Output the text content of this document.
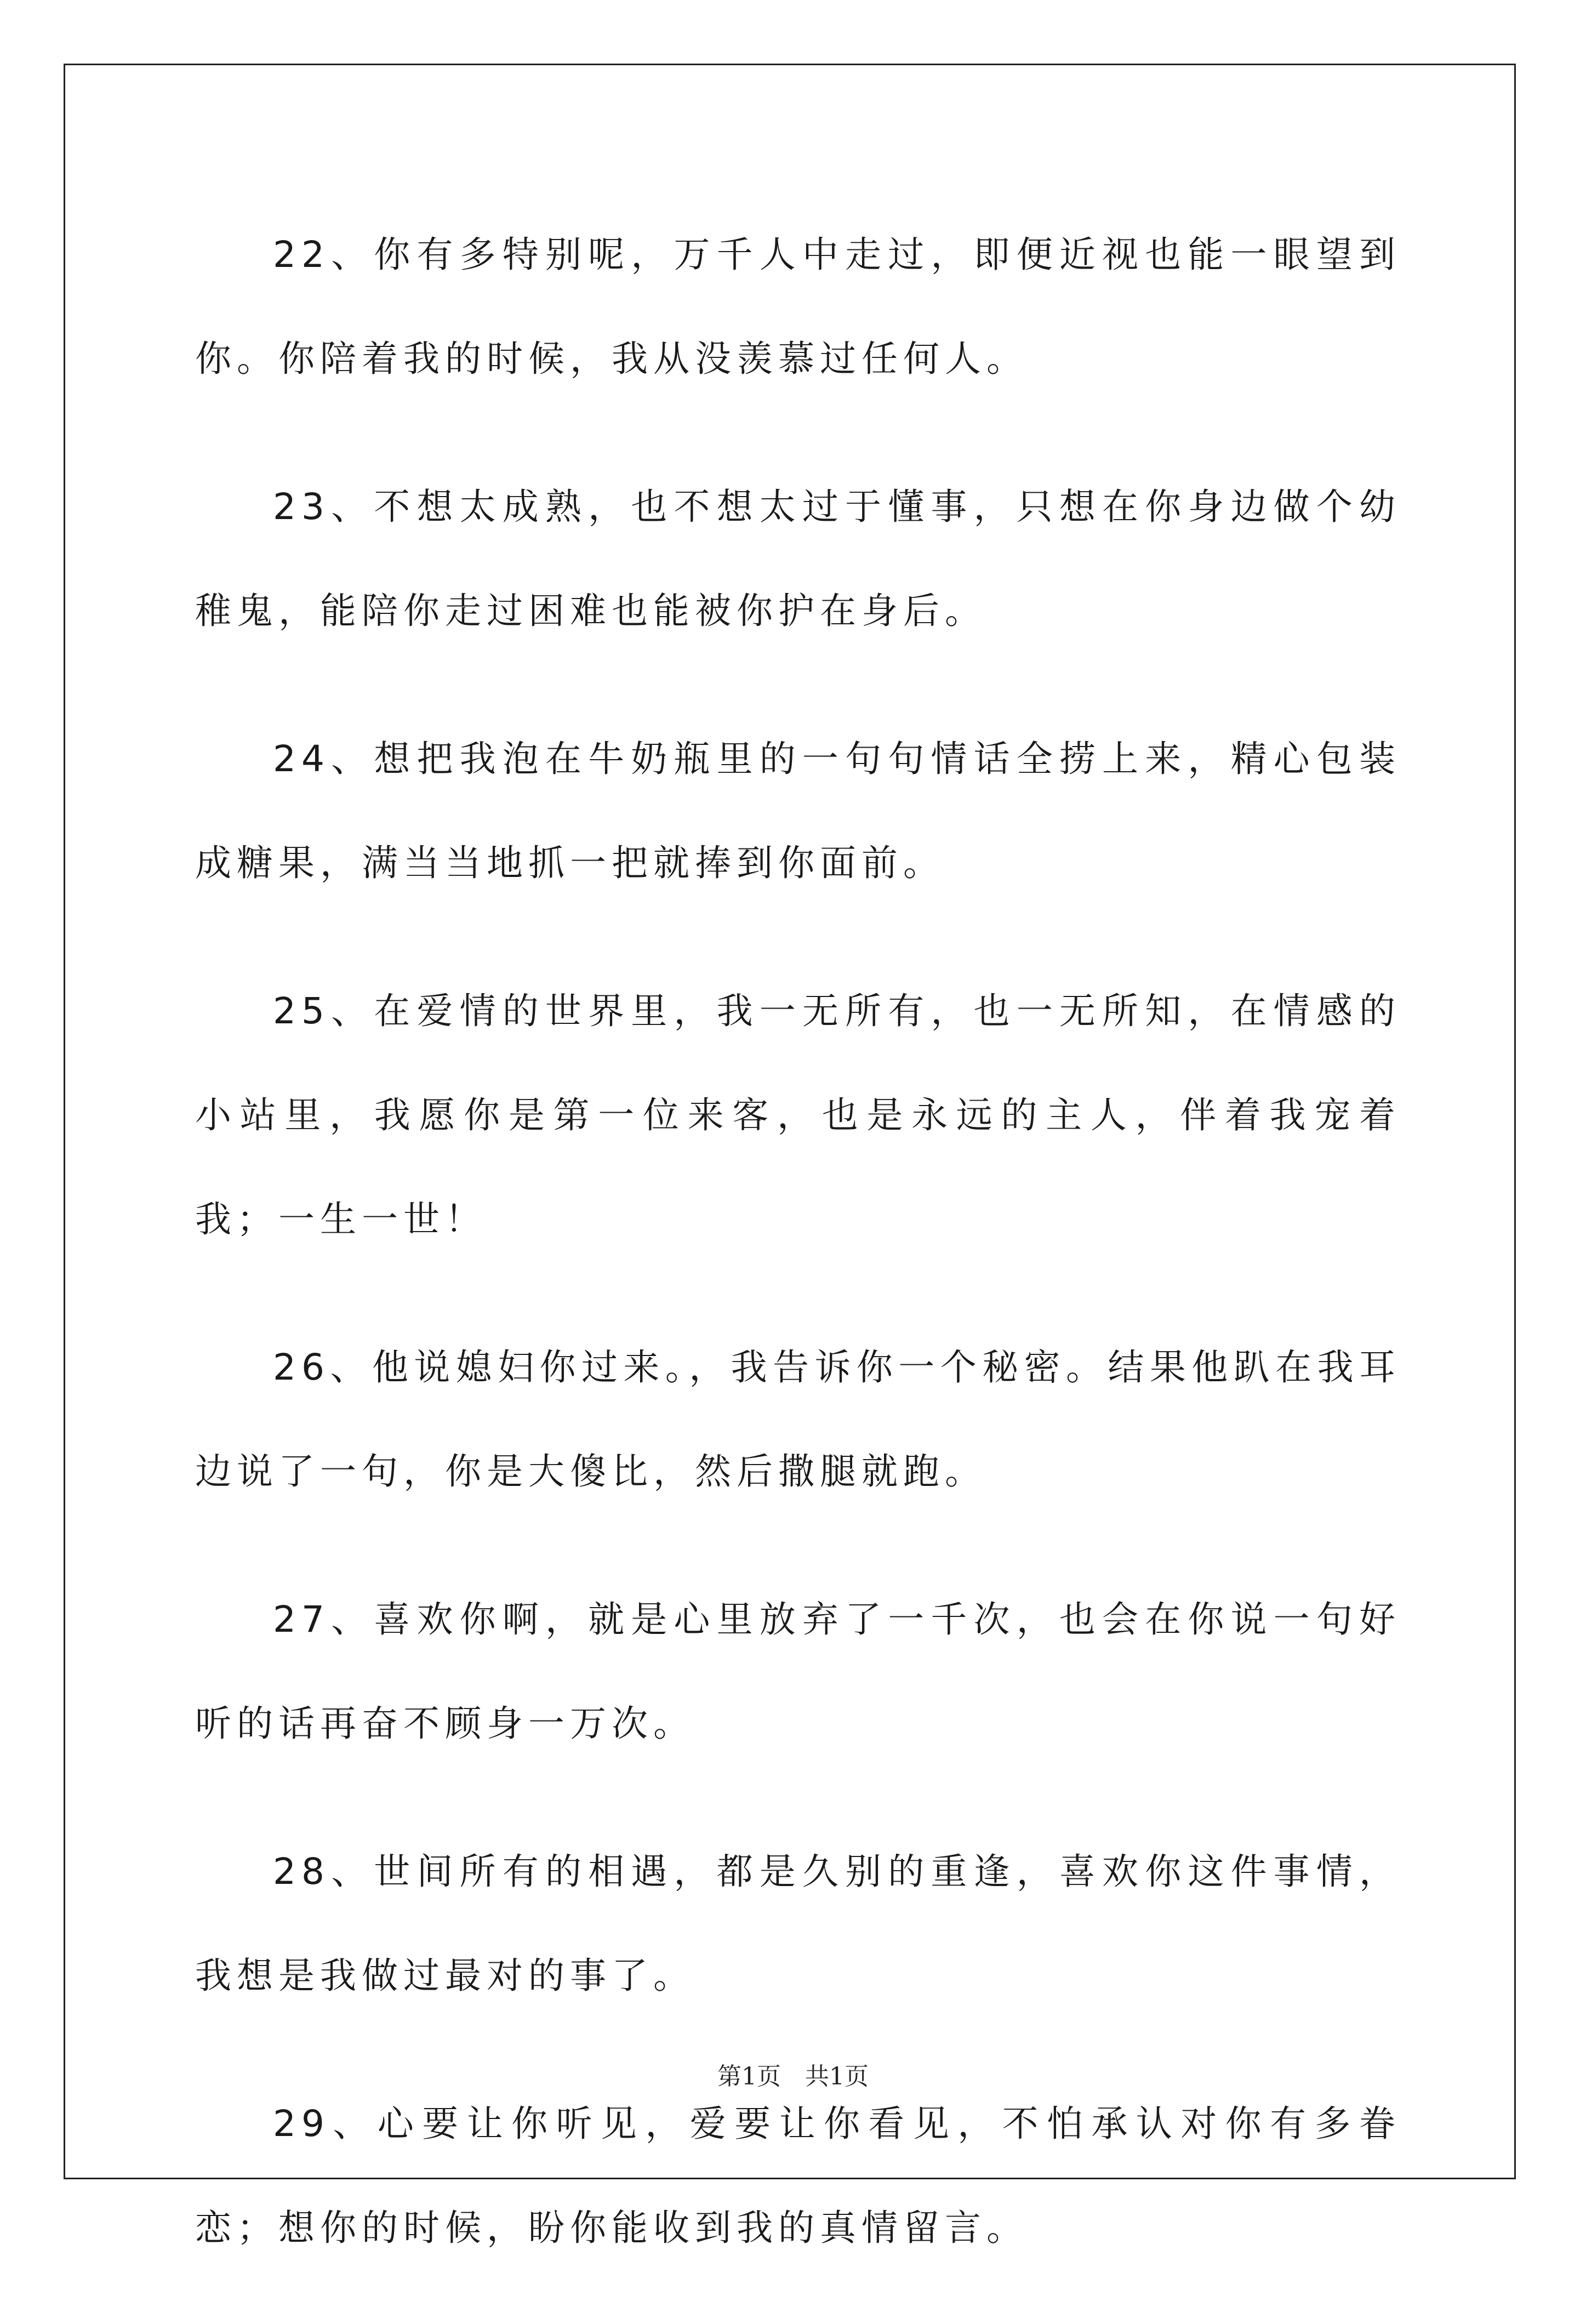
22、你有多特别呢，万千人中走过，即便近视也能一眼望到你。你陪着我的时候，我从没羡慕过任何人。

23、不想太成熟，也不想太过于懂事，只想在你身边做个幼稚鬼，能陪你走过困难也能被你护在身后。

24、想把我泡在牛奶瓶里的一句句情话全捞上来，精心包装成糖果，满当当地抓一把就捧到你面前。

25、在爱情的世界里，我一无所有，也一无所知，在情感的小站里，我愿你是第一位来客，也是永远的主人，伴着我宠着我；一生一世！

26、他说媳妇你过来。，我告诉你一个秘密。结果他趴在我耳边说了一句，你是大傻比，然后撒腿就跑。

27、喜欢你啊，就是心里放弃了一千次，也会在你说一句好听的话再奋不顾身一万次。

28、世间所有的相遇，都是久别的重逢，喜欢你这件事情，我想是我做过最对的事了。

29、心要让你听见，爱要让你看见，不怕承认对你有多眷恋；想你的时候，盼你能收到我的真情留言。

第1页　共1页
